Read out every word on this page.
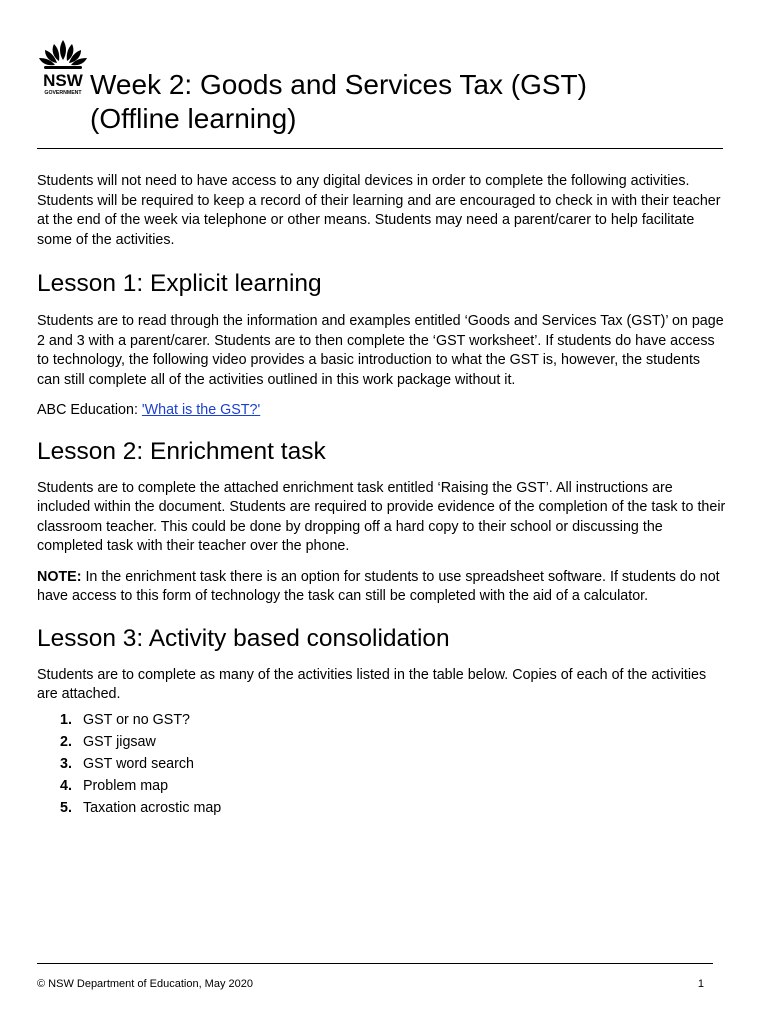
NSW
GOVERNMENT Week 2: Goods and Services Tax (GST)
(Offline learning)

Students will not need to have access to any digital devices in order to complete the following activities. Students will be required to keep a record of their learning and are encouraged to check in with their teacher at the end of the week via telephone or other means. Students may need a parent/carer to help facilitate some of the activities.

Lesson 1: Explicit learning

Students are to read through the information and examples entitled ‘Goods and Services Tax (GST)’ on page 2 and 3 with a parent/carer. Students are to then complete the ‘GST worksheet’. If students do have access to technology, the following video provides a basic introduction to what the GST is, however, the students can still complete all of the activities outlined in this work package without it.

ABC Education: 'What is the GST?'

Lesson 2: Enrichment task

Students are to complete the attached enrichment task entitled ‘Raising the GST’. All instructions are included within the document. Students are required to provide evidence of the completion of the task to their classroom teacher. This could be done by dropping off a hard copy to their school or discussing the completed task with their teacher over the phone.

NOTE: In the enrichment task there is an option for students to use spreadsheet software. If students do not have access to this form of technology the task can still be completed with the aid of a calculator.

Lesson 3: Activity based consolidation

Students are to complete as many of the activities listed in the table below. Copies of each of the activities are attached.

1. GST or no GST?
2. GST jigsaw
3. GST word search
4. Problem map
5. Taxation acrostic map
© NSW Department of Education, May 2020	1
